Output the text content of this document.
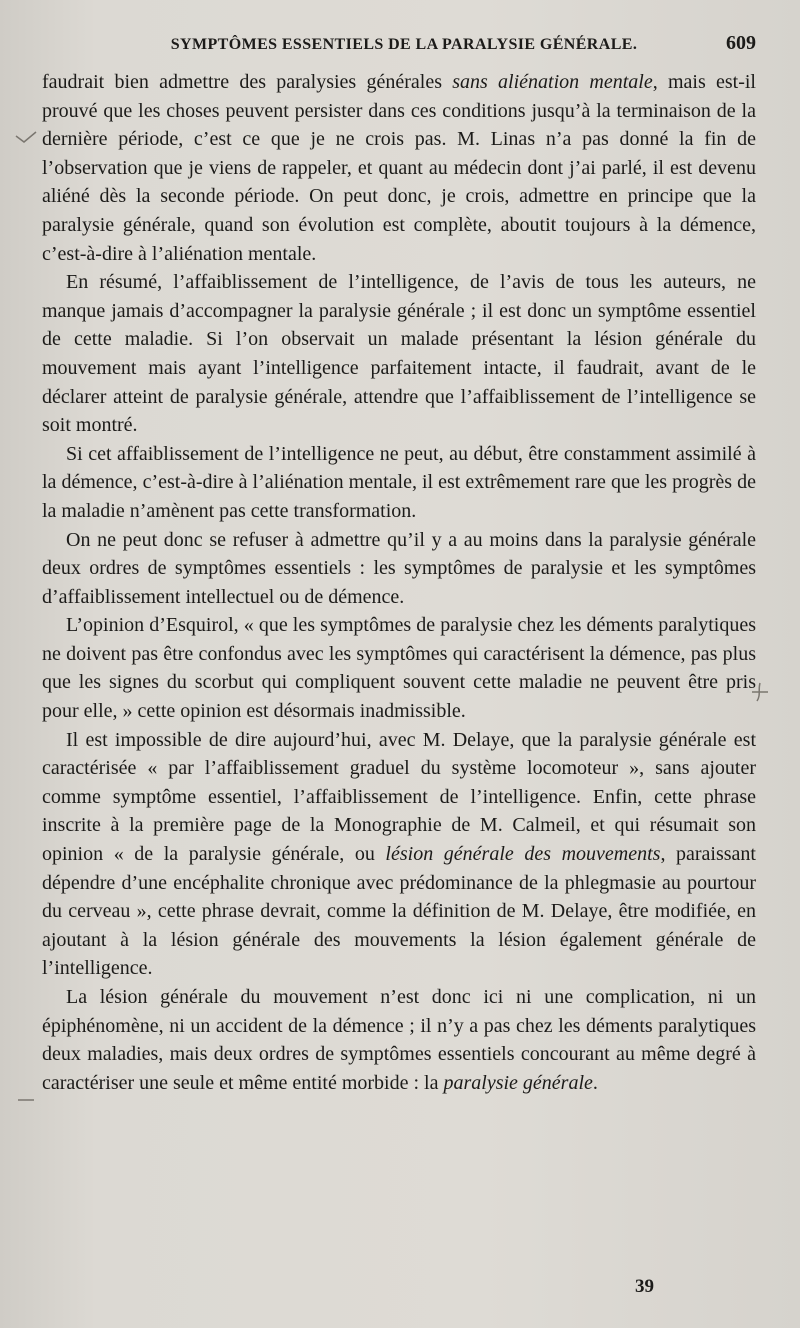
SYMPTÔMES ESSENTIELS DE LA PARALYSIE GÉNÉRALE.	609

faudrait bien admettre des paralysies générales sans aliénation mentale, mais est-il prouvé que les choses peuvent persister dans ces conditions jusqu’à la terminaison de la dernière période, c’est ce que je ne crois pas. M. Linas n’a pas donné la fin de l’observation que je viens de rappeler, et quant au médecin dont j’ai parlé, il est devenu aliéné dès la seconde période. On peut donc, je crois, admettre en principe que la paralysie générale, quand son évolution est complète, aboutit toujours à la démence, c’est-à-dire à l’aliénation mentale.

En résumé, l’affaiblissement de l’intelligence, de l’avis de tous les auteurs, ne manque jamais d’accompagner la paralysie générale ; il est donc un symptôme essentiel de cette maladie. Si l’on observait un malade présentant la lésion générale du mouvement mais ayant l’intelligence parfaitement intacte, il faudrait, avant de le déclarer atteint de paralysie générale, attendre que l’affaiblissement de l’intelligence se soit montré.

Si cet affaiblissement de l’intelligence ne peut, au début, être constamment assimilé à la démence, c’est-à-dire à l’aliénation mentale, il est extrêmement rare que les progrès de la maladie n’amènent pas cette transformation.

On ne peut donc se refuser à admettre qu’il y a au moins dans la paralysie générale deux ordres de symptômes essentiels : les symptômes de paralysie et les symptômes d’affaiblissement intellectuel ou de démence.

L’opinion d’Esquirol, « que les symptômes de paralysie chez les déments paralytiques ne doivent pas être confondus avec les symptômes qui caractérisent la démence, pas plus que les signes du scorbut qui compliquent souvent cette maladie ne peuvent être pris pour elle, » cette opinion est désormais inadmissible.

Il est impossible de dire aujourd’hui, avec M. Delaye, que la paralysie générale est caractérisée « par l’affaiblissement graduel du système locomoteur », sans ajouter comme symptôme essentiel, l’affaiblissement de l’intelligence. Enfin, cette phrase inscrite à la première page de la Monographie de M. Calmeil, et qui résumait son opinion « de la paralysie générale, ou lésion générale des mouvements, paraissant dépendre d’une encéphalite chronique avec prédominance de la phlegmasie au pourtour du cerveau », cette phrase devrait, comme la définition de M. Delaye, être modifiée, en ajoutant à la lésion générale des mouvements la lésion également générale de l’intelligence.

La lésion générale du mouvement n’est donc ici ni une complication, ni un épiphénomène, ni un accident de la démence ; il n’y a pas chez les déments paralytiques deux maladies, mais deux ordres de symptômes essentiels concourant au même degré à caractériser une seule et même entité morbide : la paralysie générale.

39
